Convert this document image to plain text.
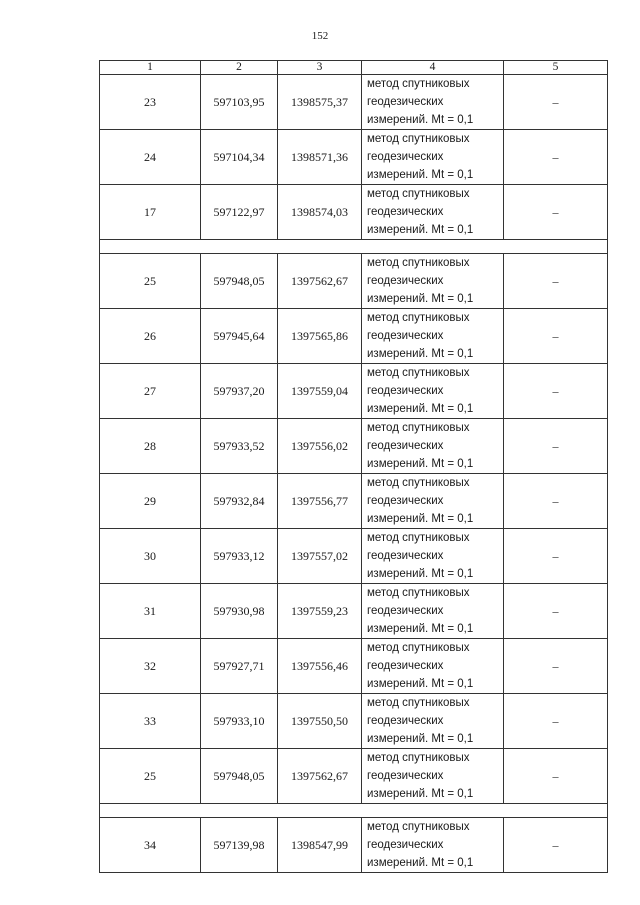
152
1	2	3	4	5
23	597103,95	1398575,37	метод спутниковых
геодезических
измерений. Mt = 0,1	–
24	597104,34	1398571,36	метод спутниковых
геодезических
измерений. Mt = 0,1	–
17	597122,97	1398574,03	метод спутниковых
геодезических
измерений. Mt = 0,1	–

25	597948,05	1397562,67	метод спутниковых
геодезических
измерений. Mt = 0,1	–
26	597945,64	1397565,86	метод спутниковых
геодезических
измерений. Mt = 0,1	–
27	597937,20	1397559,04	метод спутниковых
геодезических
измерений. Mt = 0,1	–
28	597933,52	1397556,02	метод спутниковых
геодезических
измерений. Mt = 0,1	–
29	597932,84	1397556,77	метод спутниковых
геодезических
измерений. Mt = 0,1	–
30	597933,12	1397557,02	метод спутниковых
геодезических
измерений. Mt = 0,1	–
31	597930,98	1397559,23	метод спутниковых
геодезических
измерений. Mt = 0,1	–
32	597927,71	1397556,46	метод спутниковых
геодезических
измерений. Mt = 0,1	–
33	597933,10	1397550,50	метод спутниковых
геодезических
измерений. Mt = 0,1	–
25	597948,05	1397562,67	метод спутниковых
геодезических
измерений. Mt = 0,1	–

34	597139,98	1398547,99	метод спутниковых
геодезических
измерений. Mt = 0,1	–
